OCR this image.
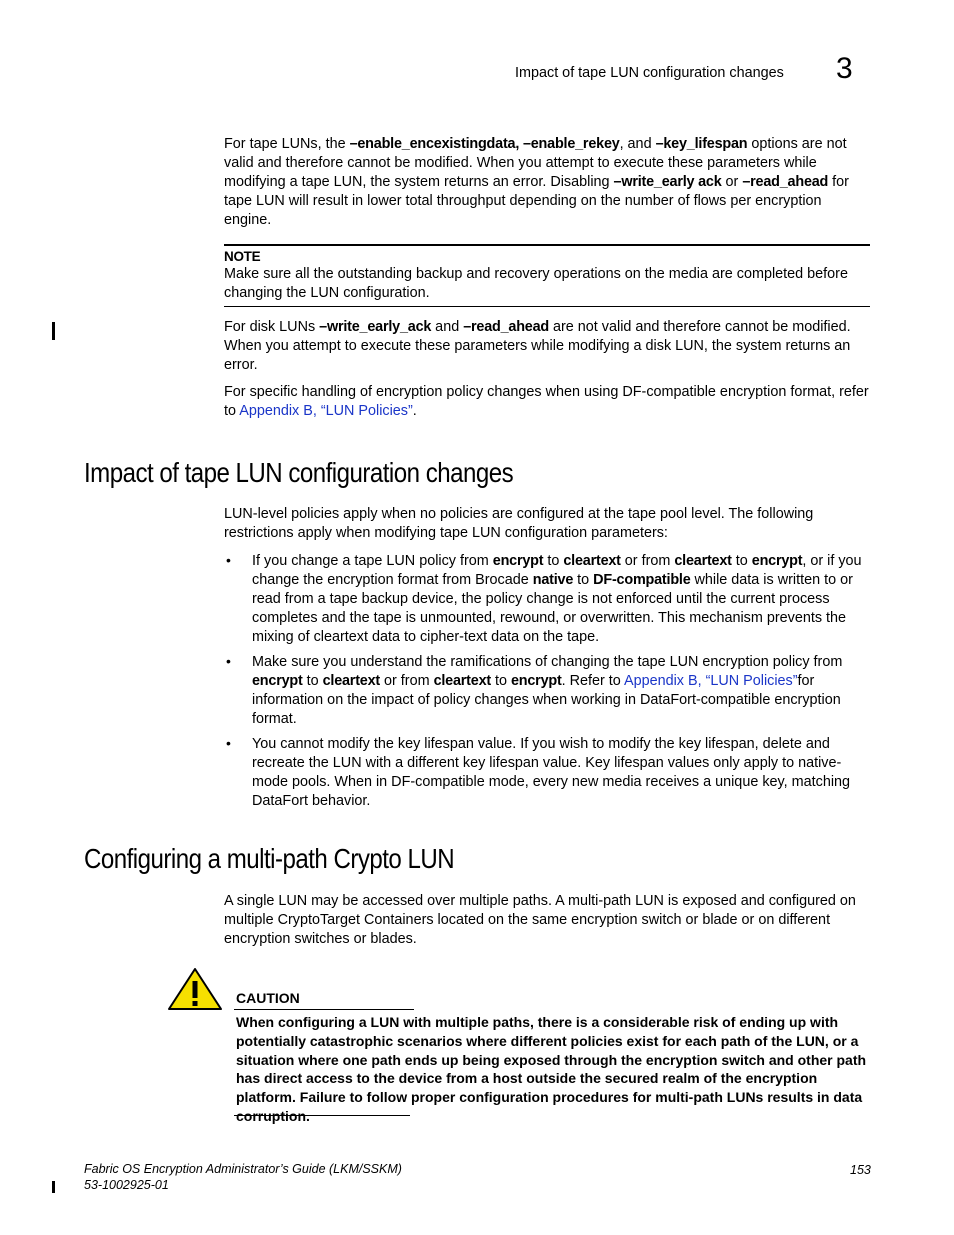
Impact of tape LUN configuration changes 3

For tape LUNs, the –enable_encexistingdata, –enable_rekey, and –key_lifespan options are not valid and therefore cannot be modified. When you attempt to execute these parameters while modifying a tape LUN, the system returns an error. Disabling –write_early ack or –read_ahead for tape LUN will result in lower total throughput depending on the number of flows per encryption engine.

NOTE

Make sure all the outstanding backup and recovery operations on the media are completed before changing the LUN configuration.

For disk LUNs –write_early_ack and –read_ahead are not valid and therefore cannot be modified. When you attempt to execute these parameters while modifying a disk LUN, the system returns an error.

For specific handling of encryption policy changes when using DF-compatible encryption format, refer to Appendix B, “LUN Policies”.

Impact of tape LUN configuration changes

LUN-level policies apply when no policies are configured at the tape pool level. The following restrictions apply when modifying tape LUN configuration parameters:

• If you change a tape LUN policy from encrypt to cleartext or from cleartext to encrypt, or if you change the encryption format from Brocade native to DF-compatible while data is written to or read from a tape backup device, the policy change is not enforced until the current process completes and the tape is unmounted, rewound, or overwritten. This mechanism prevents the mixing of cleartext data to cipher-text data on the tape.
• Make sure you understand the ramifications of changing the tape LUN encryption policy from encrypt to cleartext or from cleartext to encrypt. Refer to Appendix B, “LUN Policies”for information on the impact of policy changes when working in DataFort-compatible encryption format.
• You cannot modify the key lifespan value. If you wish to modify the key lifespan, delete and recreate the LUN with a different key lifespan value. Key lifespan values only apply to native-mode pools. When in DF-compatible mode, every new media receives a unique key, matching DataFort behavior.
Configuring a multi-path Crypto LUN

A single LUN may be accessed over multiple paths. A multi-path LUN is exposed and configured on multiple CryptoTarget Containers located on the same encryption switch or blade or on different encryption switches or blades.

CAUTION

When configuring a LUN with multiple paths, there is a considerable risk of ending up with potentially catastrophic scenarios where different policies exist for each path of the LUN, or a situation where one path ends up being exposed through the encryption switch and other path has direct access to the device from a host outside the secured realm of the encryption platform. Failure to follow proper configuration procedures for multi-path LUNs results in data corruption.

Fabric OS Encryption Administrator’s Guide (LKM/SSKM)
53-1002925-01
153
